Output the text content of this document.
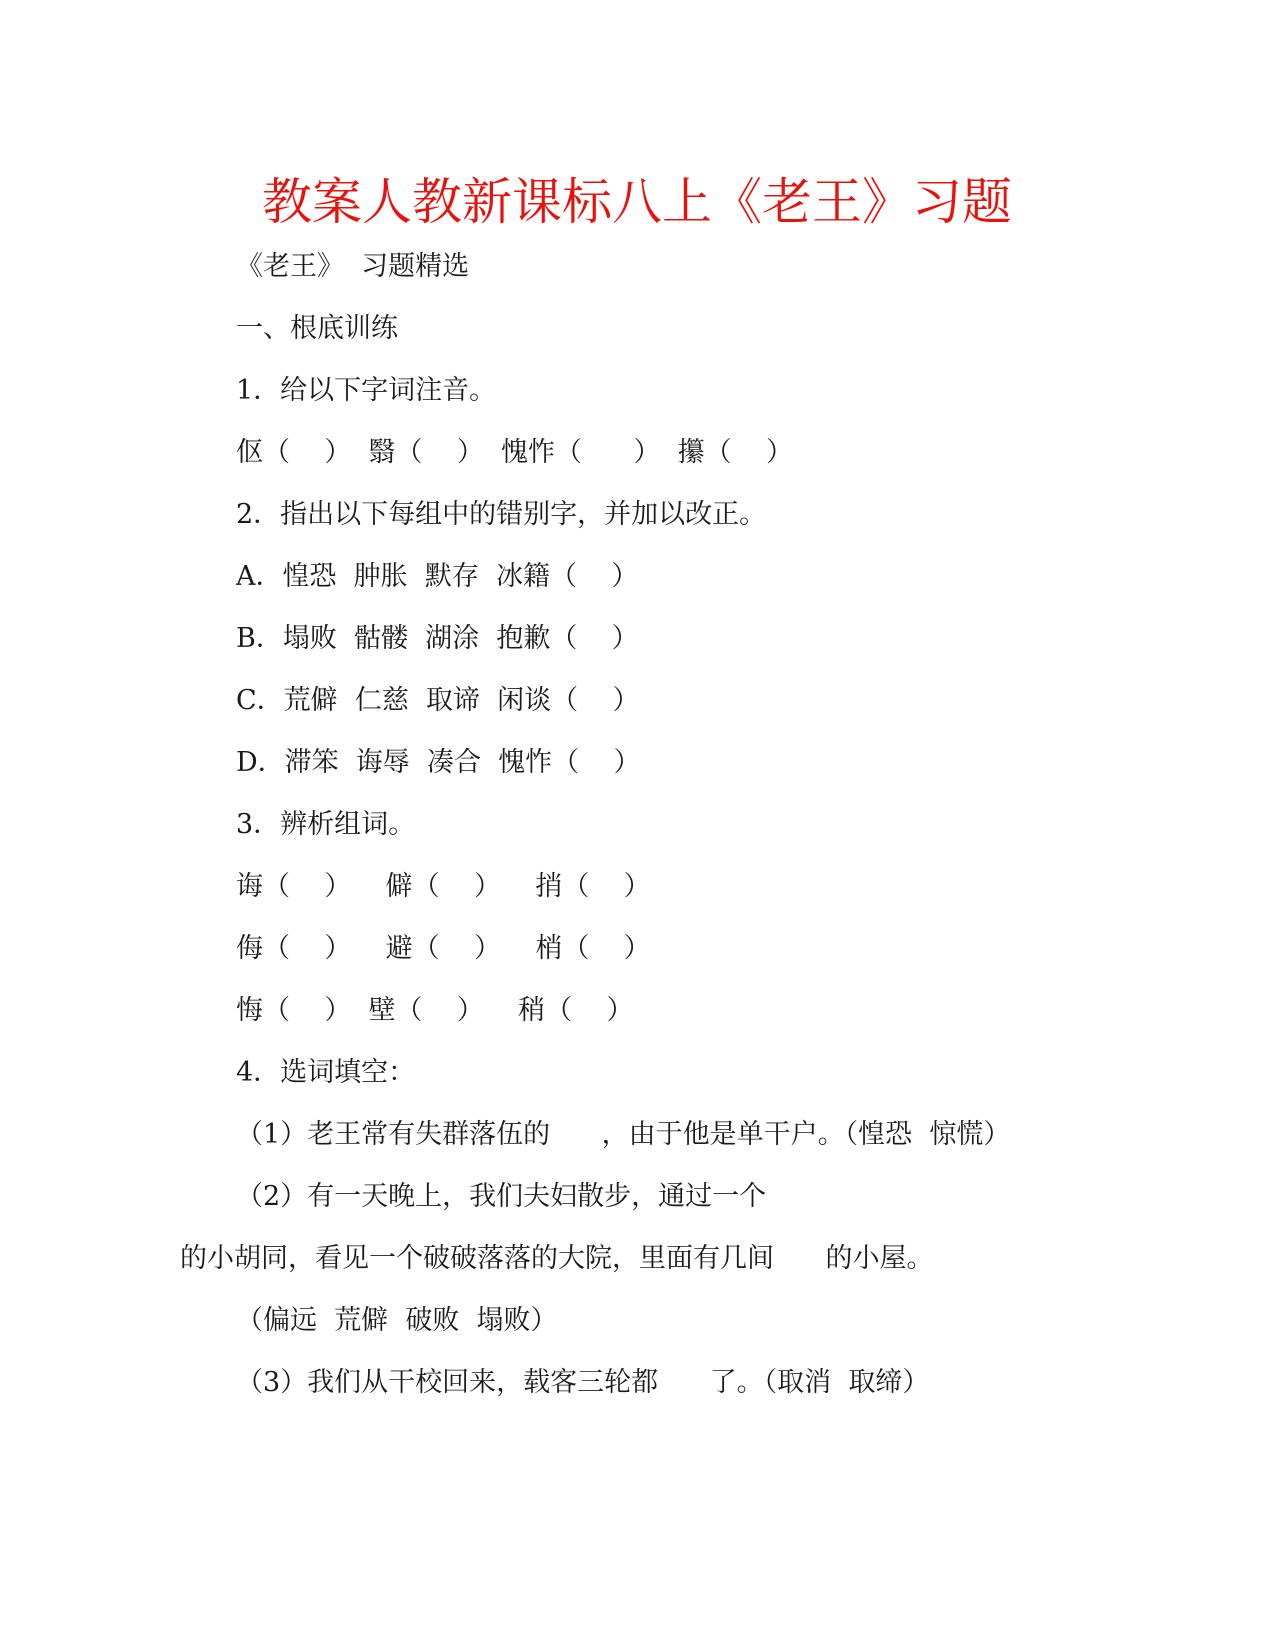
教案人教新课标八上《老王》习题
《老王》  习题精选
一、根底训练
1．给以下字词注音。
伛（    ）  翳（    ）  愧怍（      ）  攥（    ）
2．指出以下每组中的错别字，并加以改正。
A．惶恐  肿胀  默存  冰籍（    ）
B．塌败  骷髅  湖涂  抱歉（    ）
C．荒僻  仁慈  取谛  闲谈（    ）
D．滞笨  诲辱  凑合  愧怍（    ）
3．辨析组词。
诲（    ）    僻（    ）    捎（    ）
侮（    ）    避（    ）    梢（    ）
悔（    ）  壁（    ）    稍（    ）
4．选词填空：
（1）老王常有失群落伍的      ，由于他是单干户。（惶恐  惊慌）
（2）有一天晚上，我们夫妇散步，通过一个
的小胡同，看见一个破破落落的大院，里面有几间      的小屋。
（偏远  荒僻  破败  塌败）
（3）我们从干校回来，载客三轮都      了。（取消  取缔）
